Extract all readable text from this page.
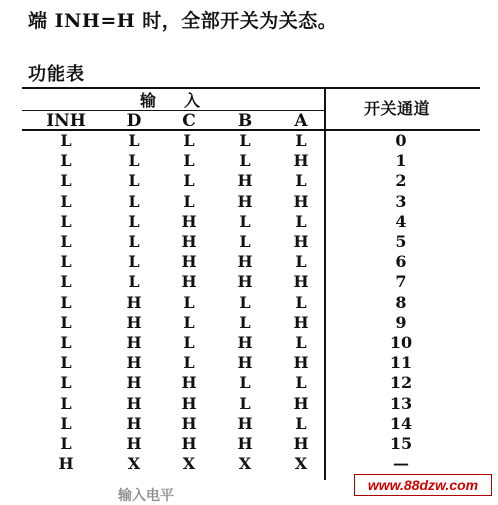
端 INH=H 时，全部开关为关态。
功能表
输入	开关通道
INH	D	C	B	A
L	L	L	L	L	0
L	L	L	L	H	1
L	L	L	H	L	2
L	L	L	H	H	3
L	L	H	L	L	4
L	L	H	L	H	5
L	L	H	H	L	6
L	L	H	H	H	7
L	H	L	L	L	8
L	H	L	L	H	9
L	H	L	H	L	10
L	H	L	H	H	11
L	H	H	L	L	12
L	H	H	L	H	13
L	H	H	H	L	14
L	H	H	H	H	15
H	X	X	X	X	—
输入电平
www.88dzw.com
